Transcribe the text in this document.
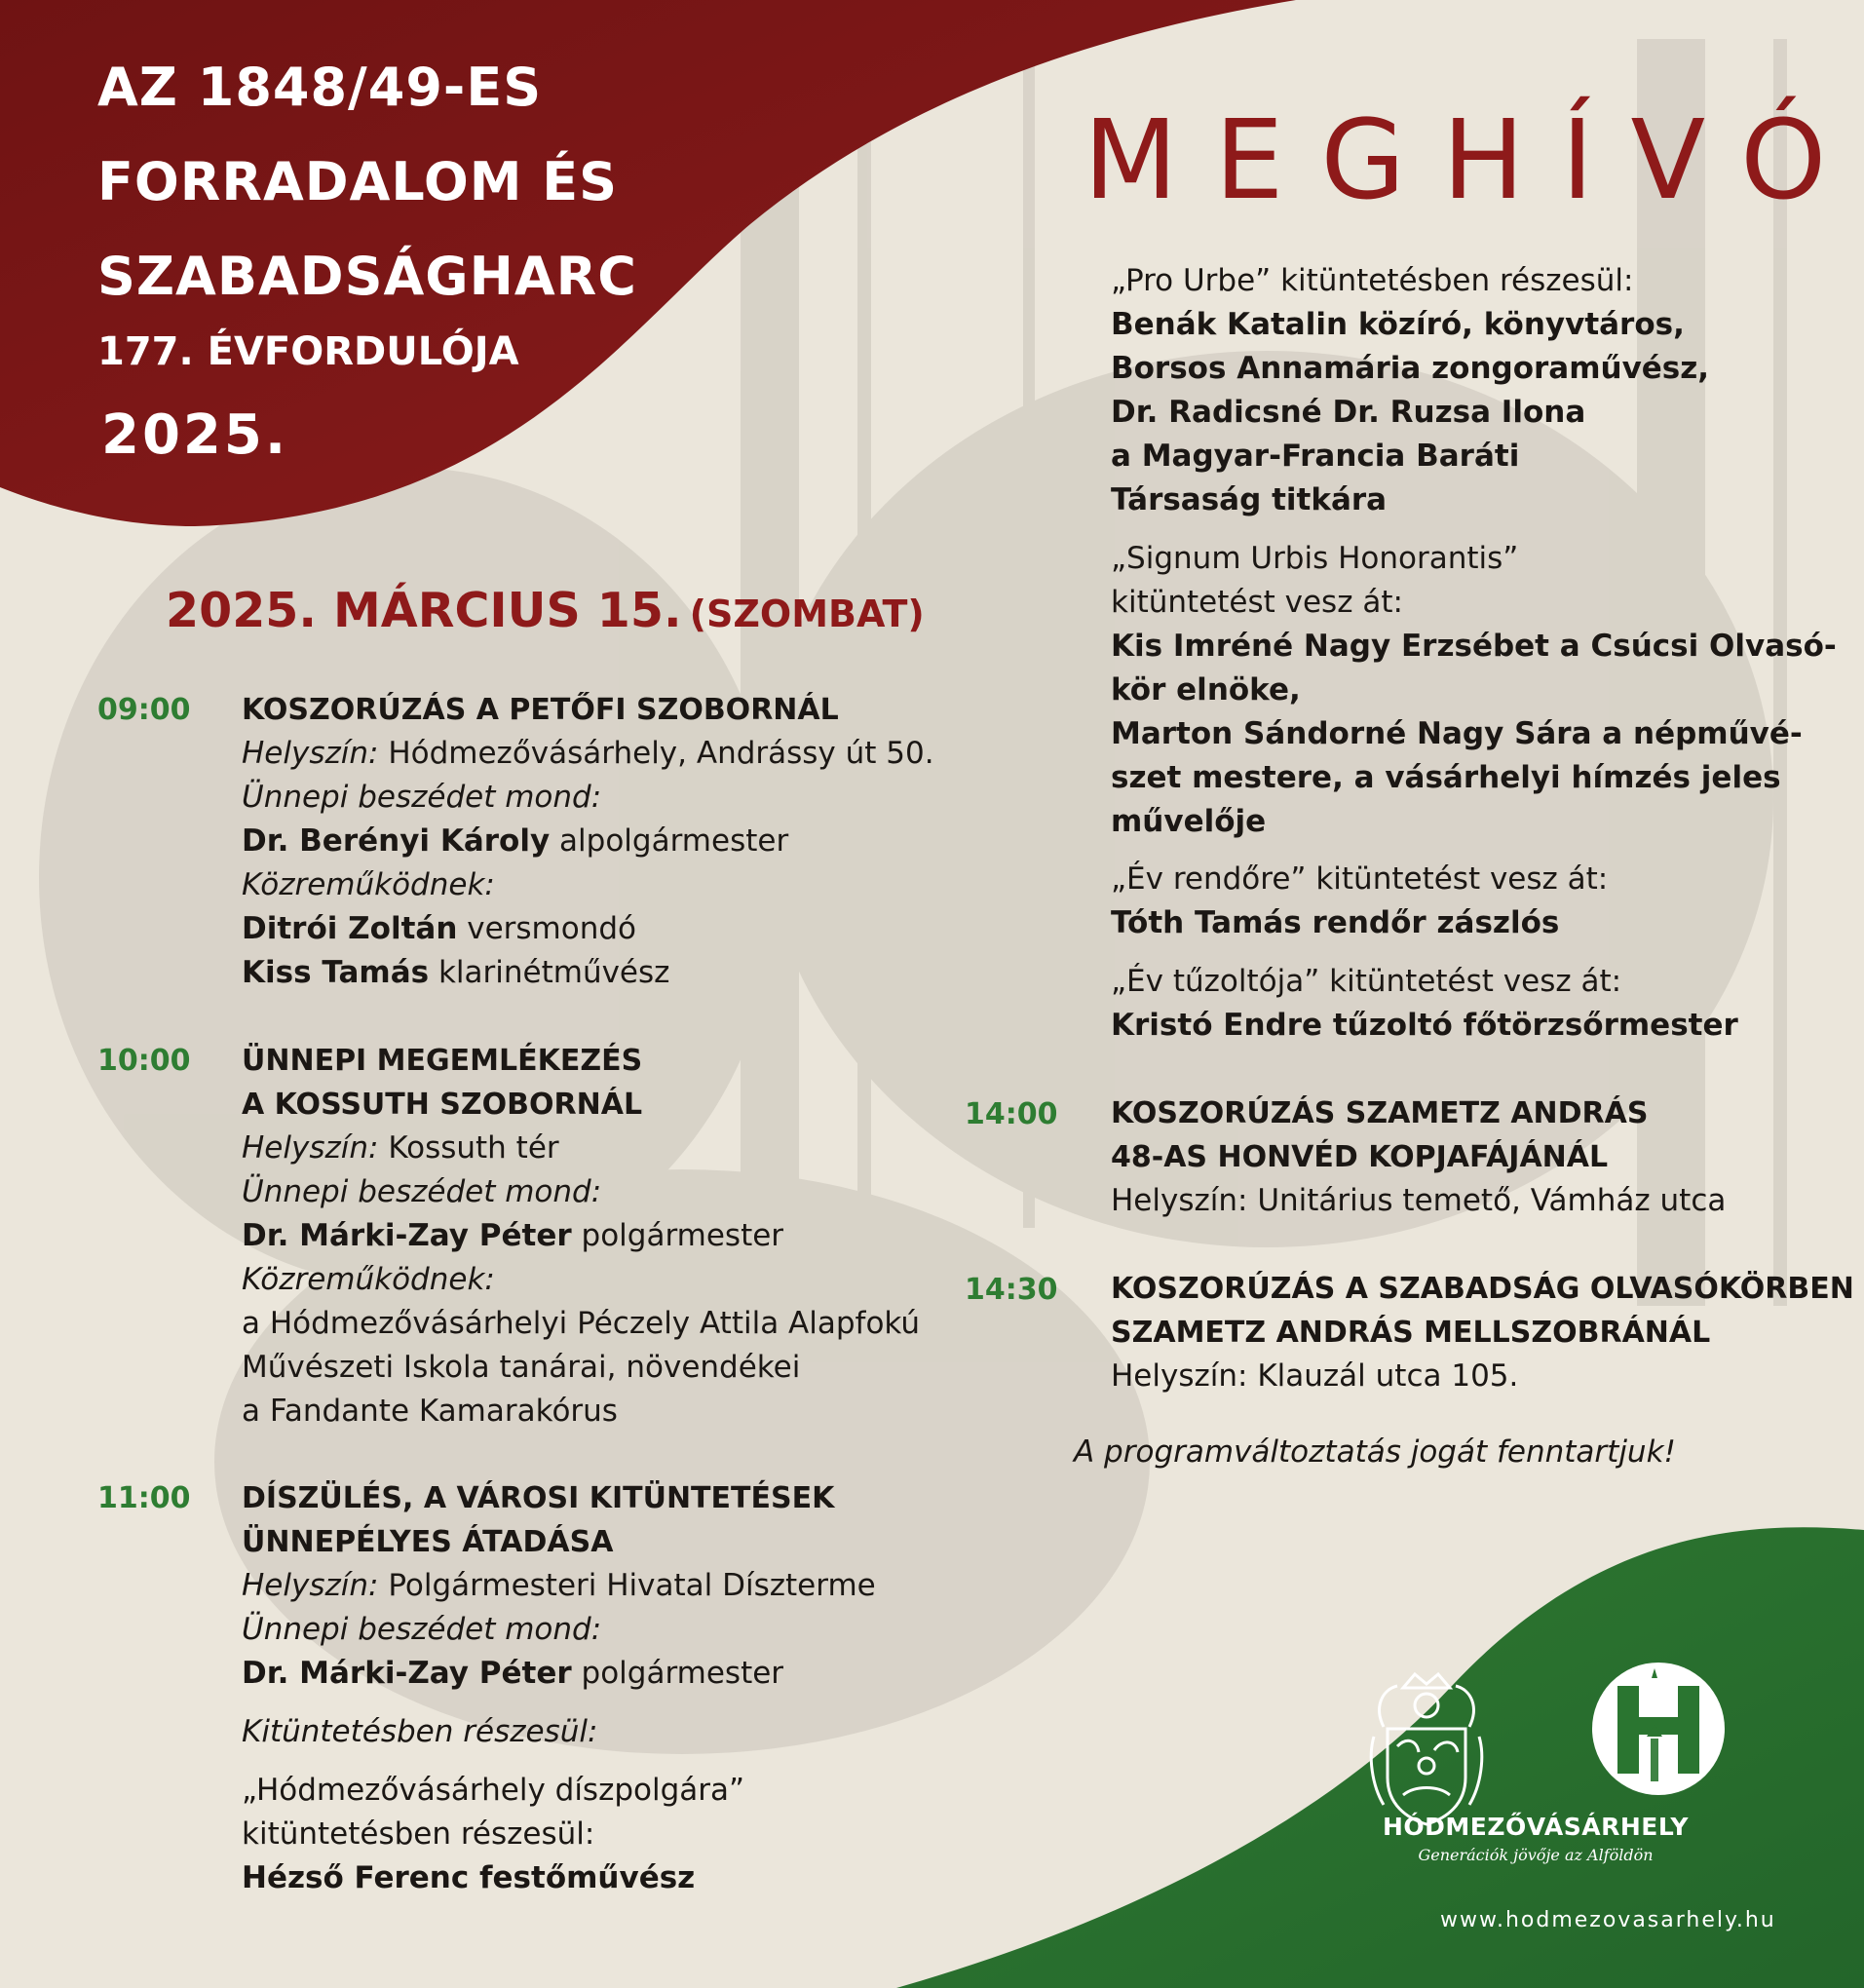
AZ 1848/49-ES
FORRADALOM ÉS
SZABADSÁGHARC
177. ÉVFORDULÓJA
2025.
MEGHÍVÓ
2025. MÁRCIUS 15. (SZOMBAT)
09:00 KOSZORÚZÁS A PETŐFI SZOBORNÁL
Helyszín: Hódmezővásárhely, Andrássy út 50.
Ünnepi beszédet mond:
Dr. Berényi Károly alpolgármester
Közreműködnek:
Ditrói Zoltán versmondó
Kiss Tamás klarinétművész
10:00 ÜNNEPI MEGEMLÉKEZÉS
A KOSSUTH SZOBORNÁL
Helyszín: Kossuth tér
Ünnepi beszédet mond:
Dr. Márki-Zay Péter polgármester
Közreműködnek:
a Hódmezővásárhelyi Péczely Attila Alapfokú
Művészeti Iskola tanárai, növendékei
a Fandante Kamarakórus
11:00 DÍSZÜLÉS, A VÁROSI KITÜNTETÉSEK
ÜNNEPÉLYES ÁTADÁSA
Helyszín: Polgármesteri Hivatal Díszterme
Ünnepi beszédet mond:
Dr. Márki-Zay Péter polgármester
Kitüntetésben részesül:
„Hódmezővásárhely díszpolgára”
kitüntetésben részesül:
Hézső Ferenc festőművész
„Pro Urbe” kitüntetésben részesül:
Benák Katalin közíró, könyvtáros,
Borsos Annamária zongoraművész,
Dr. Radicsné Dr. Ruzsa Ilona
a Magyar-Francia Baráti
Társaság titkára
„Signum Urbis Honorantis”
kitüntetést vesz át:
Kis Imréné Nagy Erzsébet a Csúcsi Olvasó-
kör elnöke,
Marton Sándorné Nagy Sára a népművé-
szet mestere, a vásárhelyi hímzés jeles
művelője
„Év rendőre” kitüntetést vesz át:
Tóth Tamás rendőr zászlós
„Év tűzoltója” kitüntetést vesz át:
Kristó Endre tűzoltó főtörzsőrmester
14:00 KOSZORÚZÁS SZAMETZ ANDRÁS
48-AS HONVÉD KOPJAFÁJÁNÁL
Helyszín: Unitárius temető, Vámház utca
14:30 KOSZORÚZÁS A SZABADSÁG OLVASÓKÖRBEN
SZAMETZ ANDRÁS MELLSZOBRÁNÁL
Helyszín: Klauzál utca 105.
A programváltoztatás jogát fenntartjuk!
HÓDMEZŐVÁSÁRHELY
Generációk jövője az Alföldön
www.hodmezovasarhely.hu
